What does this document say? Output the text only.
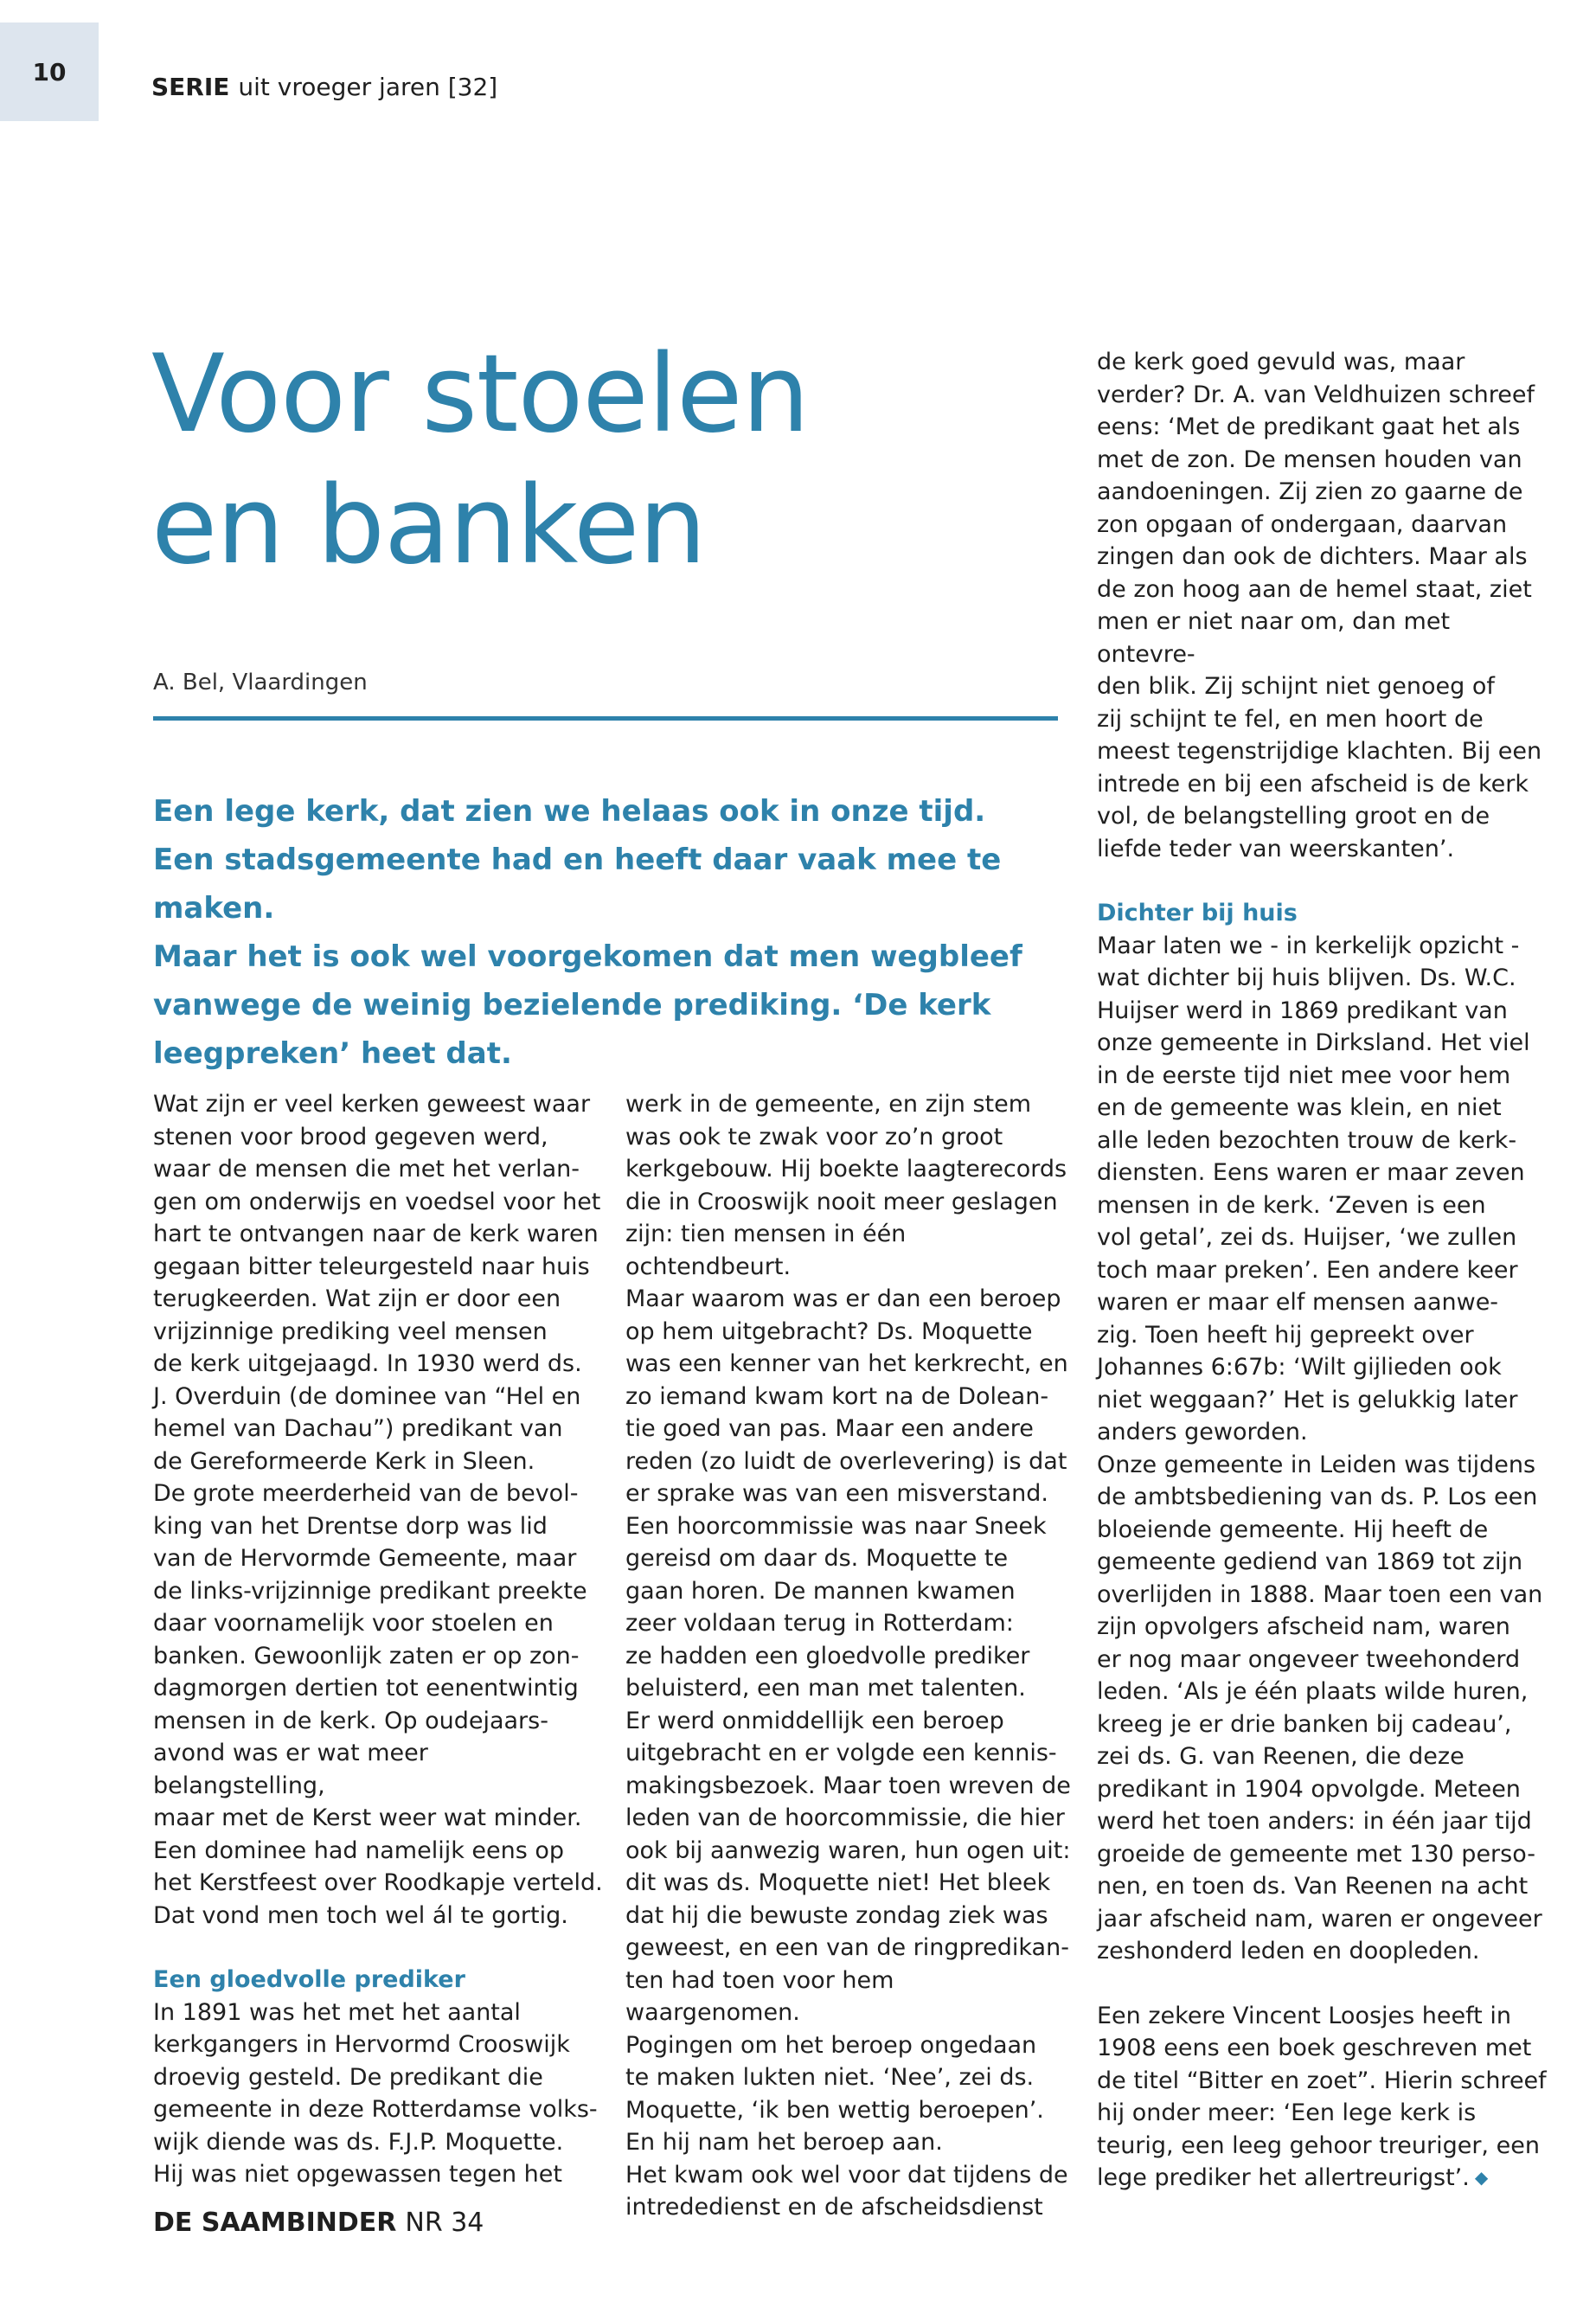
10
SERIE uit vroeger jaren [32]
Voor stoelen
en banken
A. Bel, Vlaardingen
Een lege kerk, dat zien we helaas ook in onze tijd.
Een stadsgemeente had en heeft daar vaak mee te maken.
Maar het is ook wel voorgekomen dat men wegbleef
vanwege de weinig bezielende prediking. ‘De kerk
leegpreken’ heet dat.

Wat zijn er veel kerken geweest waar
stenen voor brood gegeven werd,
waar de mensen die met het verlan-
gen om onderwijs en voedsel voor het
hart te ontvangen naar de kerk waren
gegaan bitter teleurgesteld naar huis
terugkeerden. Wat zijn er door een
vrijzinnige prediking veel mensen
de kerk uitgejaagd. In 1930 werd ds.
J. Overduin (de dominee van “Hel en
hemel van Dachau”) predikant van
de Gereformeerde Kerk in Sleen.
De grote meerderheid van de bevol-
king van het Drentse dorp was lid
van de Hervormde Gemeente, maar
de links-vrijzinnige predikant preekte
daar voornamelijk voor stoelen en
banken. Gewoonlijk zaten er op zon-
dagmorgen dertien tot eenentwintig
mensen in de kerk. Op oudejaars-
avond was er wat meer belangstelling,
maar met de Kerst weer wat minder.
Een dominee had namelijk eens op
het Kerstfeest over Roodkapje verteld.
Dat vond men toch wel ál te gortig.

Een gloedvolle prediker

In 1891 was het met het aantal
kerkgangers in Hervormd Crooswijk
droevig gesteld. De predikant die
gemeente in deze Rotterdamse volks-
wijk diende was ds. F.J.P. Moquette.
Hij was niet opgewassen tegen het

werk in de gemeente, en zijn stem
was ook te zwak voor zo’n groot
kerkgebouw. Hij boekte laagterecords
die in Crooswijk nooit meer geslagen
zijn: tien mensen in één ochtendbeurt.
Maar waarom was er dan een beroep
op hem uitgebracht? Ds. Moquette
was een kenner van het kerkrecht, en
zo iemand kwam kort na de Dolean-
tie goed van pas. Maar een andere
reden (zo luidt de overlevering) is dat
er sprake was van een misverstand.
Een hoorcommissie was naar Sneek
gereisd om daar ds. Moquette te
gaan horen. De mannen kwamen
zeer voldaan terug in Rotterdam:
ze hadden een gloedvolle prediker
beluisterd, een man met talenten.
Er werd onmiddellijk een beroep
uitgebracht en er volgde een kennis-
makingsbezoek. Maar toen wreven de
leden van de hoorcommissie, die hier
ook bij aanwezig waren, hun ogen uit:
dit was ds. Moquette niet! Het bleek
dat hij die bewuste zondag ziek was
geweest, en een van de ringpredikan-
ten had toen voor hem waargenomen.
Pogingen om het beroep ongedaan
te maken lukten niet. ‘Nee’, zei ds.
Moquette, ‘ik ben wettig beroepen’.
En hij nam het beroep aan.
Het kwam ook wel voor dat tijdens de
intrededienst en de afscheidsdienst

de kerk goed gevuld was, maar
verder? Dr. A. van Veldhuizen schreef
eens: ‘Met de predikant gaat het als
met de zon. De mensen houden van
aandoeningen. Zij zien zo gaarne de
zon opgaan of ondergaan, daarvan
zingen dan ook de dichters. Maar als
de zon hoog aan de hemel staat, ziet
men er niet naar om, dan met ontevre-
den blik. Zij schijnt niet genoeg of
zij schijnt te fel, en men hoort de
meest tegenstrijdige klachten. Bij een
intrede en bij een afscheid is de kerk
vol, de belangstelling groot en de
liefde teder van weerskanten’.

Dichter bij huis

Maar laten we - in kerkelijk opzicht -
wat dichter bij huis blijven. Ds. W.C.
Huijser werd in 1869 predikant van
onze gemeente in Dirksland. Het viel
in de eerste tijd niet mee voor hem
en de gemeente was klein, en niet
alle leden bezochten trouw de kerk-
diensten. Eens waren er maar zeven
mensen in de kerk. ‘Zeven is een
vol getal’, zei ds. Huijser, ‘we zullen
toch maar preken’. Een andere keer
waren er maar elf mensen aanwe-
zig. Toen heeft hij gepreekt over
Johannes 6:67b: ‘Wilt gijlieden ook
niet weggaan?’ Het is gelukkig later
anders geworden.
Onze gemeente in Leiden was tijdens
de ambtsbediening van ds. P. Los een
bloeiende gemeente. Hij heeft de
gemeente gediend van 1869 tot zijn
overlijden in 1888. Maar toen een van
zijn opvolgers afscheid nam, waren
er nog maar ongeveer tweehonderd
leden. ‘Als je één plaats wilde huren,
kreeg je er drie banken bij cadeau’,
zei ds. G. van Reenen, die deze
predikant in 1904 opvolgde. Meteen
werd het toen anders: in één jaar tijd
groeide de gemeente met 130 perso-
nen, en toen ds. Van Reenen na acht
jaar afscheid nam, waren er ongeveer
zeshonderd leden en doopleden.

Een zekere Vincent Loosjes heeft in
1908 eens een boek geschreven met
de titel “Bitter en zoet”. Hierin schreef
hij onder meer: ‘Een lege kerk is
teurig, een leeg gehoor treuriger, een
lege prediker het allertreurigst’. ◆

DE SAAMBINDER NR 34
